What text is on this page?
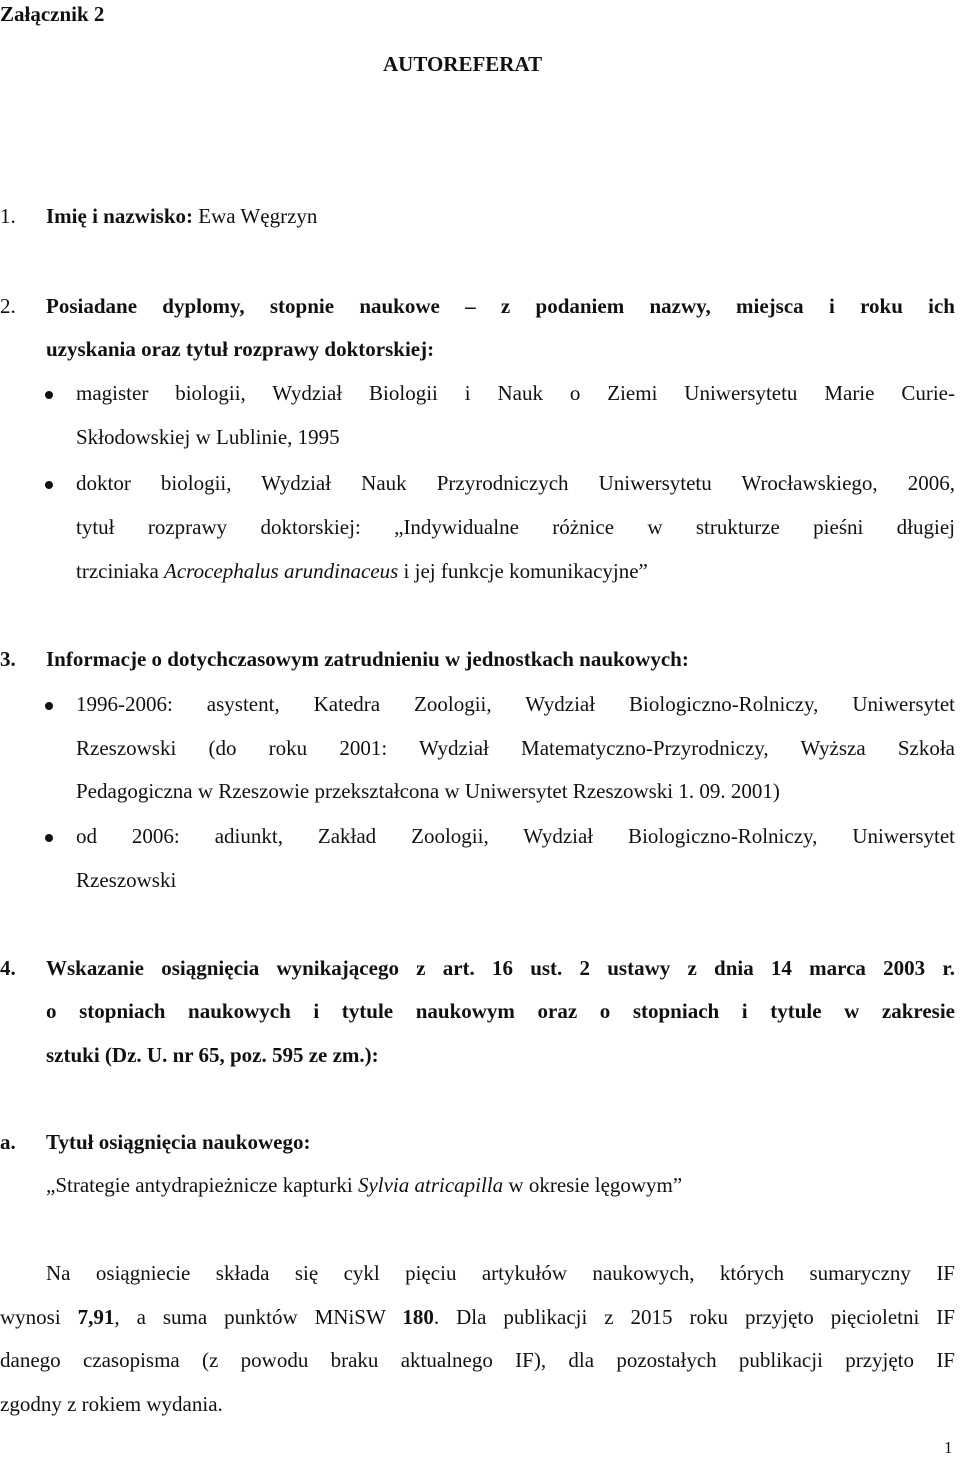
Załącznik 2
AUTOREFERAT
1. Imię i nazwisko: Ewa Węgrzyn
2. Posiadane dyplomy, stopnie naukowe – z podaniem nazwy, miejsca i roku ich
uzyskania oraz tytuł rozprawy doktorskiej:
magister biologii, Wydział Biologii i Nauk o Ziemi Uniwersytetu Marie Curie-
Skłodowskiej w Lublinie, 1995
doktor biologii, Wydział Nauk Przyrodniczych Uniwersytetu Wrocławskiego, 2006,
tytuł rozprawy doktorskiej: „Indywidualne różnice w strukturze pieśni długiej
trzciniaka Acrocephalus arundinaceus i jej funkcje komunikacyjne”
3. Informacje o dotychczasowym zatrudnieniu w jednostkach naukowych:
1996-2006: asystent, Katedra Zoologii, Wydział Biologiczno-Rolniczy, Uniwersytet
Rzeszowski (do roku 2001: Wydział Matematyczno-Przyrodniczy, Wyższa Szkoła
Pedagogiczna w Rzeszowie przekształcona w Uniwersytet Rzeszowski 1. 09. 2001)
od 2006: adiunkt, Zakład Zoologii, Wydział Biologiczno-Rolniczy, Uniwersytet
Rzeszowski
4. Wskazanie osiągnięcia wynikającego z art. 16 ust. 2 ustawy z dnia 14 marca 2003 r.
o stopniach naukowych i tytule naukowym oraz o stopniach i tytule w zakresie
sztuki (Dz. U. nr 65, poz. 595 ze zm.):
a. Tytuł osiągnięcia naukowego:
„Strategie antydrapieżnicze kapturki Sylvia atricapilla w okresie lęgowym”
Na osiągniecie składa się cykl pięciu artykułów naukowych, których sumaryczny IF
wynosi 7,91, a suma punktów MNiSW 180. Dla publikacji z 2015 roku przyjęto pięcioletni IF
danego czasopisma (z powodu braku aktualnego IF), dla pozostałych publikacji przyjęto IF
zgodny z rokiem wydania.
1
